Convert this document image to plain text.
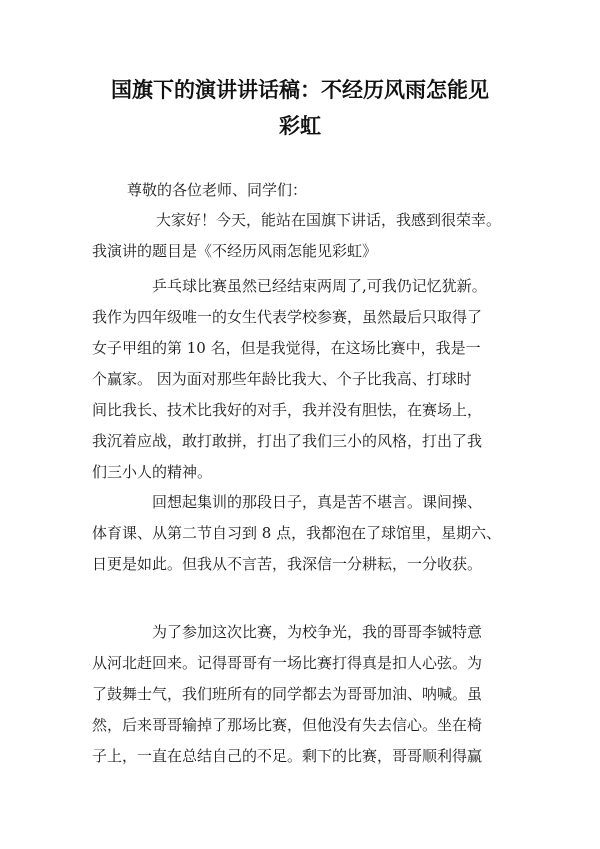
国旗下的演讲讲话稿：不经历风雨怎能见
彩虹
尊敬的各位老师、同学们：
大家好！今天，能站在国旗下讲话，我感到很荣幸。
我演讲的题目是《不经历风雨怎能见彩虹》
乒乓球比赛虽然已经结束两周了,可我仍记忆犹新。
我作为四年级唯一的女生代表学校参赛，虽然最后只取得了
女子甲组的第 10 名，但是我觉得，在这场比赛中，我是一
个赢家。 因为面对那些年龄比我大、个子比我高、打球时
间比我长、技术比我好的对手，我并没有胆怯，在赛场上，
我沉着应战，敢打敢拼，打出了我们三小的风格，打出了我
们三小人的精神。
回想起集训的那段日子，真是苦不堪言。课间操、
体育课、从第二节自习到 8 点，我都泡在了球馆里，星期六、
日更是如此。但我从不言苦，我深信一分耕耘，一分收获。
为了参加这次比赛，为校争光，我的哥哥李铖特意
从河北赶回来。记得哥哥有一场比赛打得真是扣人心弦。为
了鼓舞士气，我们班所有的同学都去为哥哥加油、呐喊。虽
然，后来哥哥输掉了那场比赛，但他没有失去信心。坐在椅
子上，一直在总结自己的不足。剩下的比赛，哥哥顺利得赢
